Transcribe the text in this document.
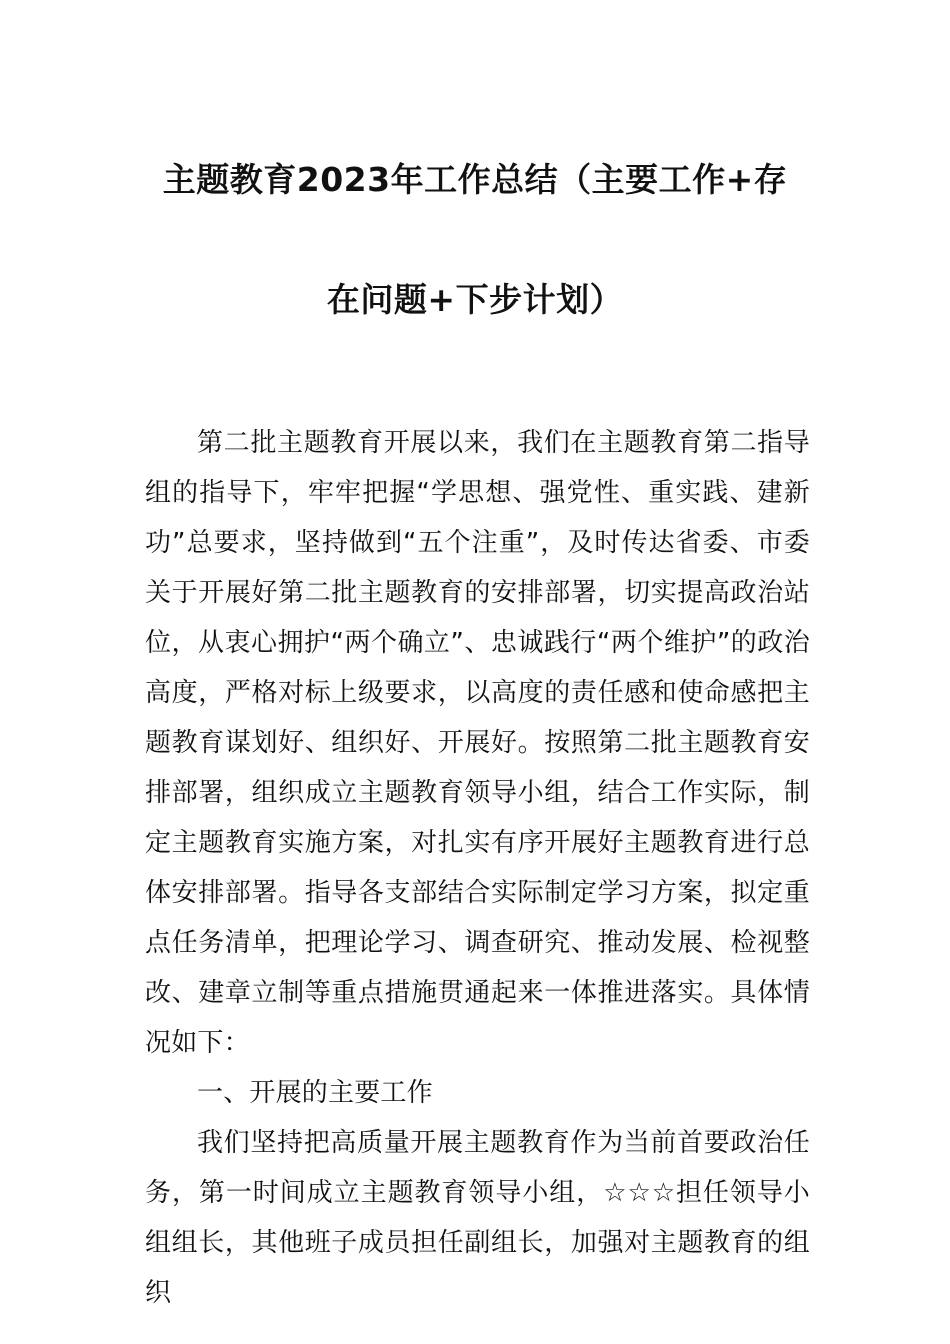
主题教育2023年工作总结（主要工作+存
在问题+下步计划）

第二批主题教育开展以来，我们在主题教育第二指导组的指导下，牢牢把握“学思想、强党性、重实践、建新功”总要求，坚持做到“五个注重”，及时传达省委、市委关于开展好第二批主题教育的安排部署，切实提高政治站位，从衷心拥护“两个确立”、忠诚践行“两个维护”的政治高度，严格对标上级要求，以高度的责任感和使命感把主题教育谋划好、组织好、开展好。按照第二批主题教育安排部署，组织成立主题教育领导小组，结合工作实际，制定主题教育实施方案，对扎实有序开展好主题教育进行总体安排部署。指导各支部结合实际制定学习方案，拟定重点任务清单，把理论学习、调查研究、推动发展、检视整改、建章立制等重点措施贯通起来一体推进落实。具体情况如下：

一、开展的主要工作

我们坚持把高质量开展主题教育作为当前首要政治任务，第一时间成立主题教育领导小组，☆☆☆担任领导小组组长，其他班子成员担任副组长，加强对主题教育的组织
